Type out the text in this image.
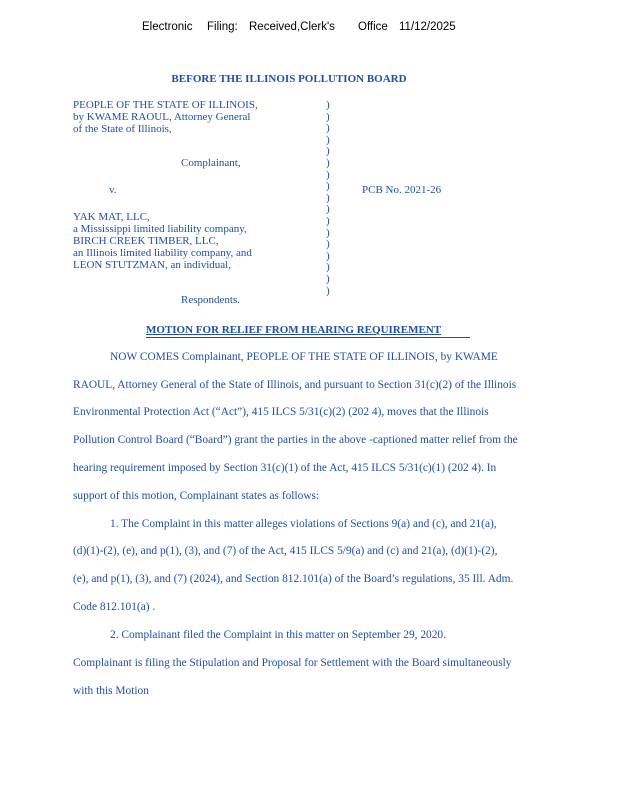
Electronic Filing: Received,Clerk's Office 11/12/2025
BEFORE THE ILLINOIS POLLUTION BOARD
PEOPLE OF THE STATE OF ILLINOIS,
by KWAME RAOUL, Attorney General
of the State of Illinois,
Complainant,
v.	PCB No. 2021-26
YAK MAT, LLC,
a Mississippi limited liability company,
BIRCH CREEK TIMBER, LLC,
an Illinois limited liability company, and
LEON STUTZMAN, an individual,
Respondents.
)
)
)
)
)
)
)
)
)
)
)
)
)
)
)
)
)
MOTION FOR RELIEF FROM HEARING REQUIREMENT
NOW COMES Complainant, PEOPLE OF THE STATE OF ILLINOIS, by KWAME
RAOUL, Attorney General of the State of Illinois, and pursuant to Section 31(c)(2) of the Illinois
Environmental Protection Act (“Act”), 415 ILCS 5/31(c)(2) (202 4), moves that the Illinois
Pollution Control Board (“Board”) grant the parties in the above -captioned matter relief from the
hearing requirement imposed by Section 31(c)(1) of the Act, 415 ILCS 5/31(c)(1) (202 4). In
support of this motion, Complainant states as follows:
1. The Complaint in this matter alleges violations of Sections 9(a) and (c), and 21(a),
(d)(1)-(2), (e), and p(1), (3), and (7) of the Act, 415 ILCS 5/9(a) and (c) and 21(a), (d)(1)-(2),
(e), and p(1), (3), and (7) (2024), and Section 812.101(a) of the Board’s regulations, 35 Ill. Adm.
Code 812.101(a) .
2. Complainant filed the Complaint in this matter on September 29, 2020.
Complainant is filing the Stipulation and Proposal for Settlement with the Board simultaneously
with this Motion
